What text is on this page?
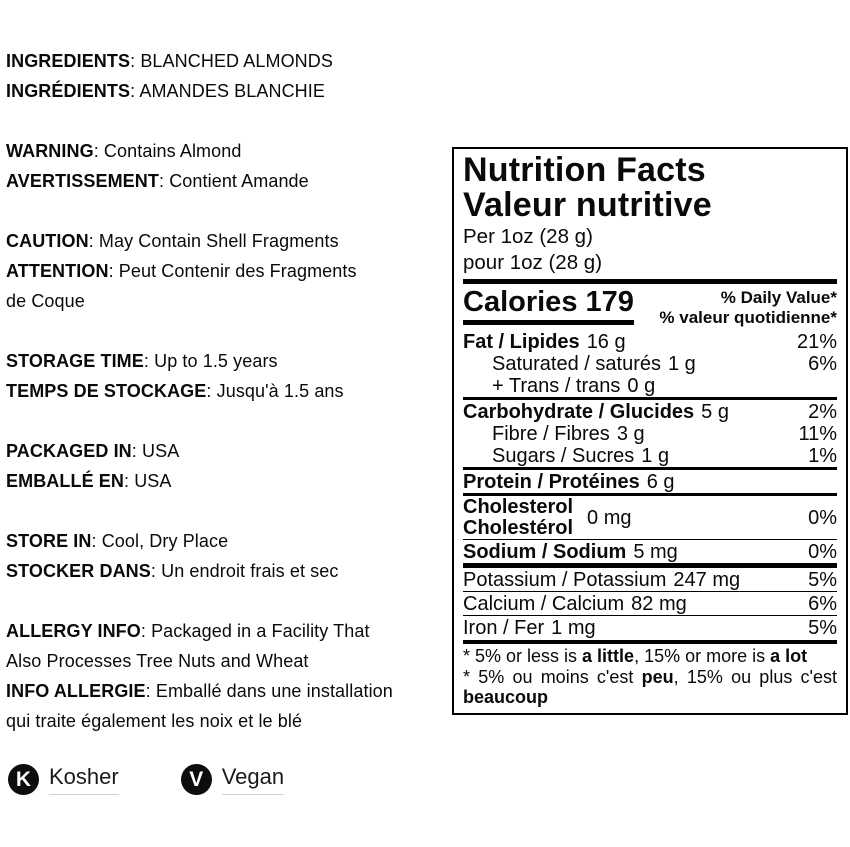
INGREDIENTS: BLANCHED ALMONDS
INGRÉDIENTS: AMANDES BLANCHIE
WARNING: Contains Almond
AVERTISSEMENT: Contient Amande
CAUTION: May Contain Shell Fragments
ATTENTION: Peut Contenir des Fragments
de Coque
STORAGE TIME: Up to 1.5 years
TEMPS DE STOCKAGE: Jusqu'à 1.5 ans
PACKAGED IN: USA
EMBALLÉ EN: USA
STORE IN: Cool, Dry Place
STOCKER DANS: Un endroit frais et sec
ALLERGY INFO: Packaged in a Facility That
Also Processes Tree Nuts and Wheat
INFO ALLERGIE: Emballé dans une installation
qui traite également les noix et le blé
K Kosher	V Vegan
Nutrition Facts
Valeur nutritive
Per 1oz (28 g)
pour 1oz (28 g)
Calories 179	% Daily Value*
% valeur quotidienne*
Fat / Lipides 16 g	21%
Saturated / saturés 1 g	6%
+ Trans / trans 0 g
Carbohydrate / Glucides 5 g	2%
Fibre / Fibres 3 g	11%
Sugars / Sucres 1 g	1%
Protein / Protéines 6 g
Cholesterol
Cholestérol 0 mg	0%
Sodium / Sodium 5 mg	0%
Potassium / Potassium 247 mg	5%
Calcium / Calcium 82 mg	6%
Iron / Fer 1 mg	5%
* 5% or less is a little, 15% or more is a lot
* 5% ou moins c'est peu, 15% ou plus c'est beaucoup
